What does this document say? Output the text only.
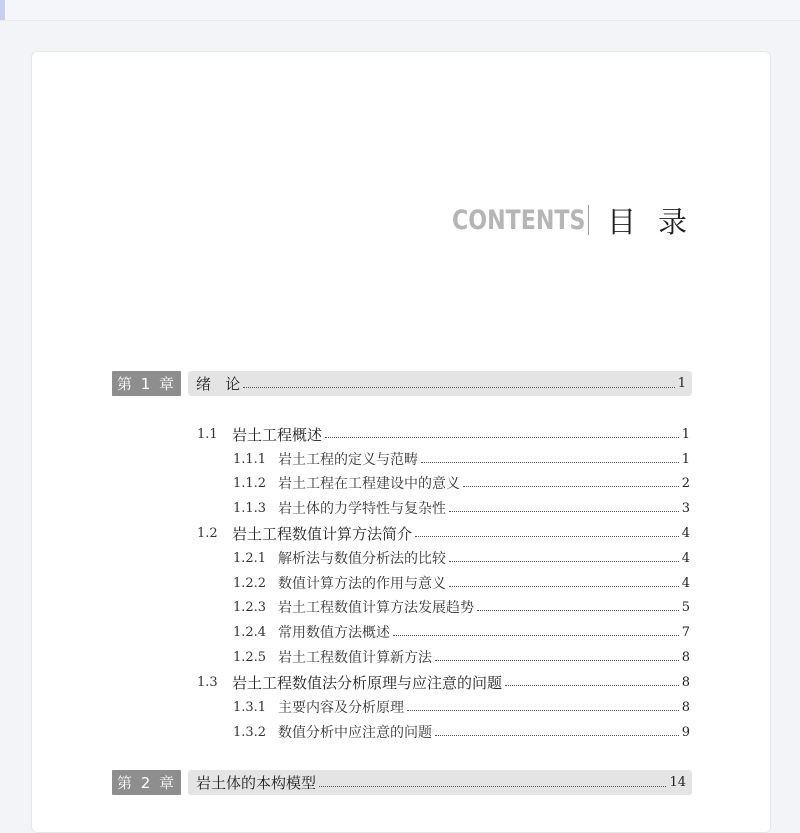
CONTENTS 目录
第 1 章	绪   论	1
1.1 岩土工程概述	1
1.1.1 岩土工程的定义与范畴	1
1.1.2 岩土工程在工程建设中的意义	2
1.1.3 岩土体的力学特性与复杂性	3
1.2 岩土工程数值计算方法简介	4
1.2.1 解析法与数值分析法的比较	4
1.2.2 数值计算方法的作用与意义	4
1.2.3 岩土工程数值计算方法发展趋势	5
1.2.4 常用数值方法概述	7
1.2.5 岩土工程数值计算新方法	8
1.3 岩土工程数值法分析原理与应注意的问题	8
1.3.1 主要内容及分析原理	8
1.3.2 数值分析中应注意的问题	9
第 2 章	岩土体的本构模型	14
